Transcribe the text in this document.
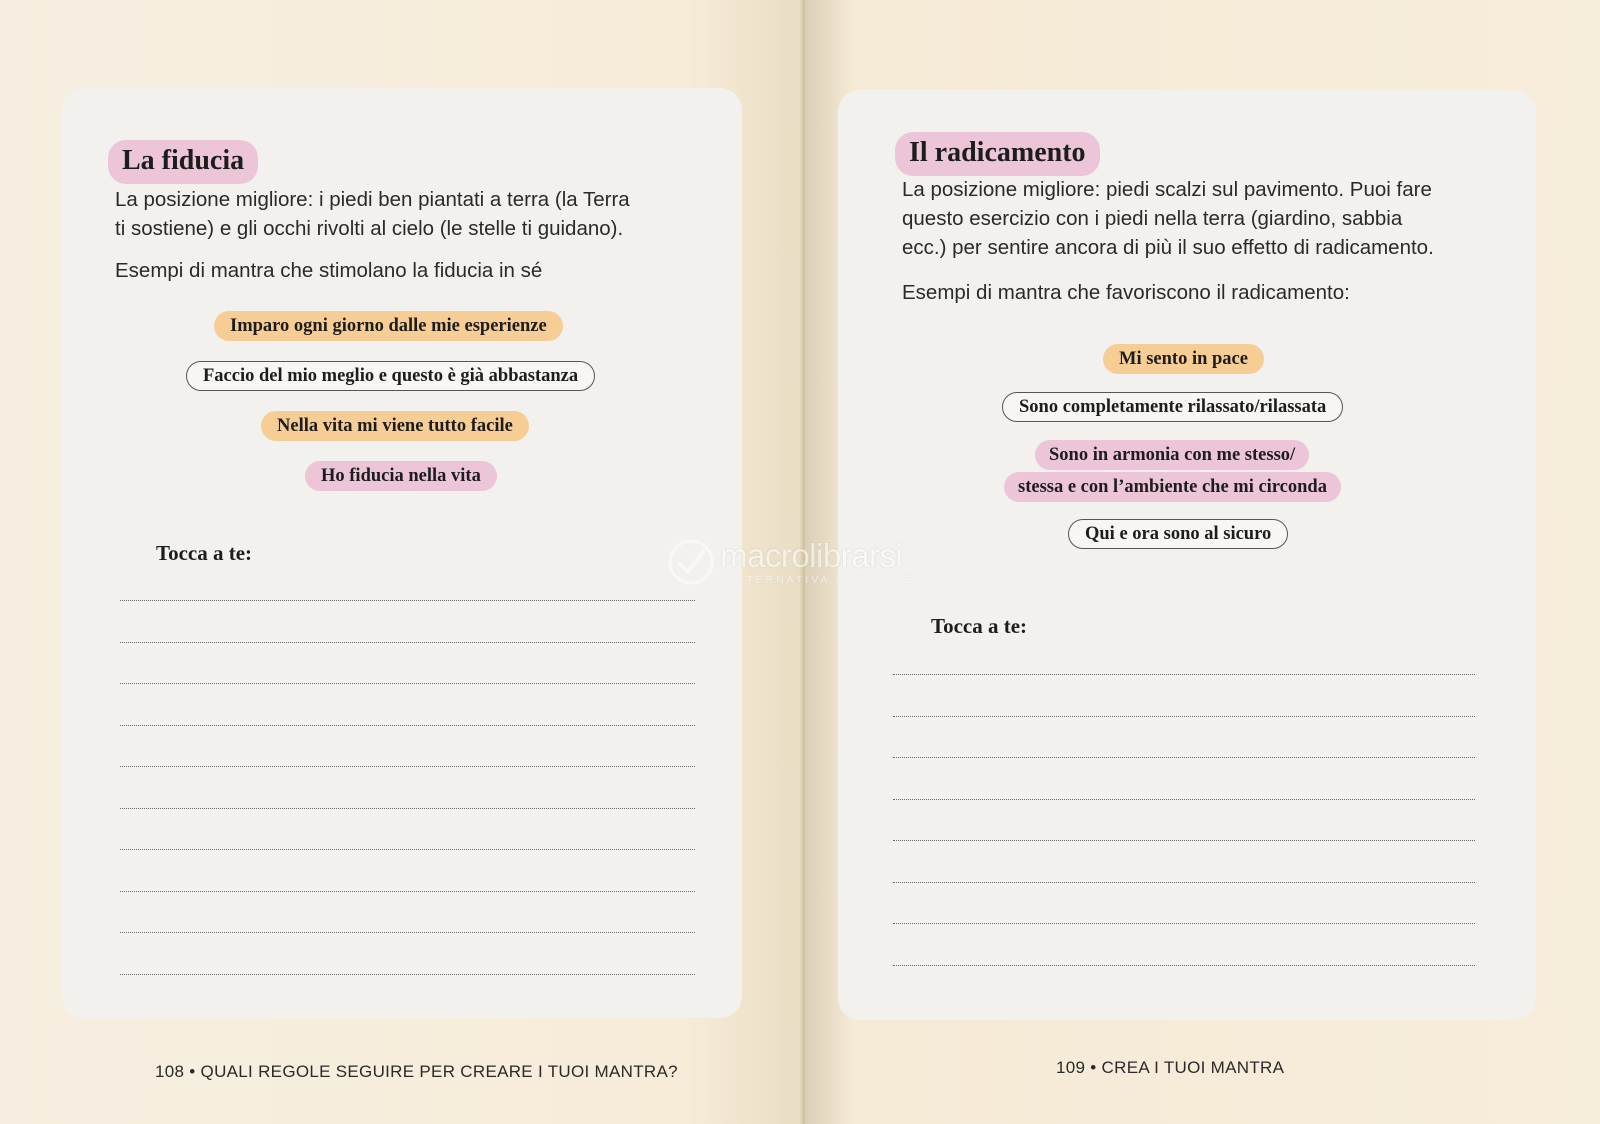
La fiducia

La posizione migliore: i piedi ben piantati a terra (la Terra

ti sostiene) e gli occhi rivolti al cielo (le stelle ti guidano).

Esempi di mantra che stimolano la fiducia in sé

Imparo ogni giorno dalle mie esperienze
Faccio del mio meglio e questo è già abbastanza
Nella vita mi viene tutto facile
Ho fiducia nella vita
Tocca a te:
108 • QUALI REGOLE SEGUIRE PER CREARE I TUOI MANTRA?
Il radicamento

La posizione migliore: piedi scalzi sul pavimento. Puoi fare

questo esercizio con i piedi nella terra (giardino, sabbia

ecc.) per sentire ancora di più il suo effetto di radicamento.

Esempi di mantra che favoriscono il radicamento:

Mi sento in pace
Sono completamente rilassato/rilassata
Sono in armonia con me stesso/
stessa e con l’ambiente che mi circonda
Qui e ora sono al sicuro
Tocca a te:
109 • CREA I TUOI MANTRA
macrolibrarsi
ALTERNATIVA NATURALE
